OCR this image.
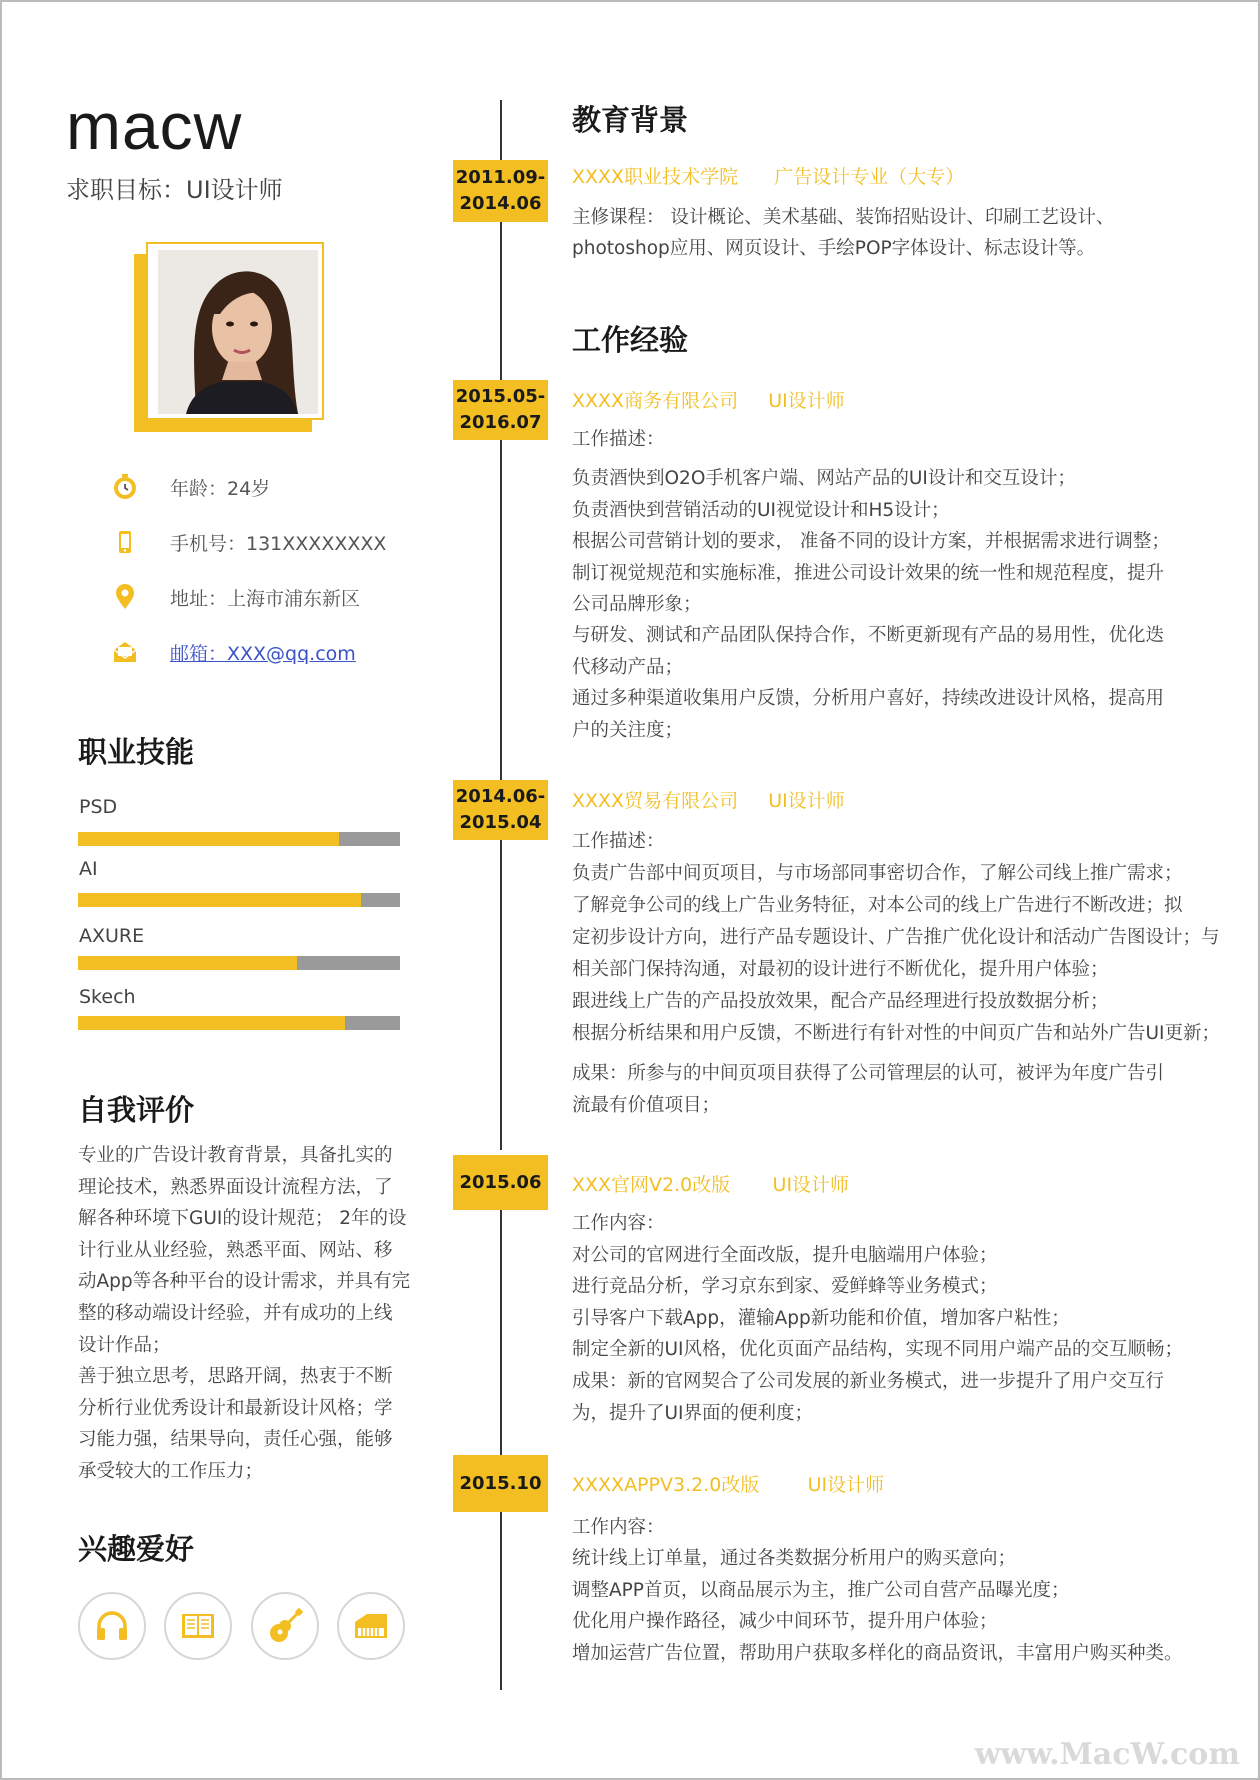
macw
求职目标：UI设计师
年龄：24岁
手机号：131XXXXXXXX
地址：上海市浦东新区
邮箱：XXX@qq.com
职业技能
PSD
AI
AXURE
Skech
自我评价

专业的广告设计教育背景，具备扎实的

理论技术，熟悉界面设计流程方法，了

解各种环境下GUI的设计规范； 2年的设

计行业从业经验，熟悉平面、网站、移

动App等各种平台的设计需求，并具有完

整的移动端设计经验，并有成功的上线

设计作品；

善于独立思考，思路开阔，热衷于不断

分析行业优秀设计和最新设计风格；学

习能力强，结果导向，责任心强，能够

承受较大的工作压力；

兴趣爱好
教育背景
2011.09-
2014.06
XXXX职业技术学院      广告设计专业（大专）

主修课程： 设计概论、美术基础、装饰招贴设计、印刷工艺设计、

photoshop应用、网页设计、手绘POP字体设计、标志设计等。

工作经验
2015.05-
2016.07
XXXX商务有限公司     UI设计师

工作描述：

负责酒快到O2O手机客户端、网站产品的UI设计和交互设计；

负责酒快到营销活动的UI视觉设计和H5设计；

根据公司营销计划的要求， 准备不同的设计方案，并根据需求进行调整；

制订视觉规范和实施标准，推进公司设计效果的统一性和规范程度，提升

公司品牌形象；

与研发、测试和产品团队保持合作，不断更新现有产品的易用性，优化迭

代移动产品；

通过多种渠道收集用户反馈，分析用户喜好，持续改进设计风格，提高用

户的关注度；

2014.06-
2015.04
XXXX贸易有限公司     UI设计师

工作描述：

负责广告部中间页项目，与市场部同事密切合作，了解公司线上推广需求；

了解竞争公司的线上广告业务特征，对本公司的线上广告进行不断改进；拟

定初步设计方向，进行产品专题设计、广告推广优化设计和活动广告图设计；与

相关部门保持沟通，对最初的设计进行不断优化，提升用户体验；

跟进线上广告的产品投放效果，配合产品经理进行投放数据分析；

根据分析结果和用户反馈，不断进行有针对性的中间页广告和站外广告UI更新；

成果：所参与的中间页项目获得了公司管理层的认可，被评为年度广告引

流最有价值项目；

2015.06	XXX官网V2.0改版       UI设计师

工作内容：

对公司的官网进行全面改版，提升电脑端用户体验；

进行竞品分析，学习京东到家、爱鲜蜂等业务模式；

引导客户下载App，灌输App新功能和价值，增加客户粘性；

制定全新的UI风格，优化页面产品结构，实现不同用户端产品的交互顺畅；

成果：新的官网契合了公司发展的新业务模式，进一步提升了用户交互行

为，提升了UI界面的便利度；

2015.10	XXXXAPPV3.2.0改版        UI设计师

工作内容：

统计线上订单量，通过各类数据分析用户的购买意向；

调整APP首页，以商品展示为主，推广公司自营产品曝光度；

优化用户操作路径，减少中间环节，提升用户体验；

增加运营广告位置，帮助用户获取多样化的商品资讯，丰富用户购买种类。

www.MacW.com
